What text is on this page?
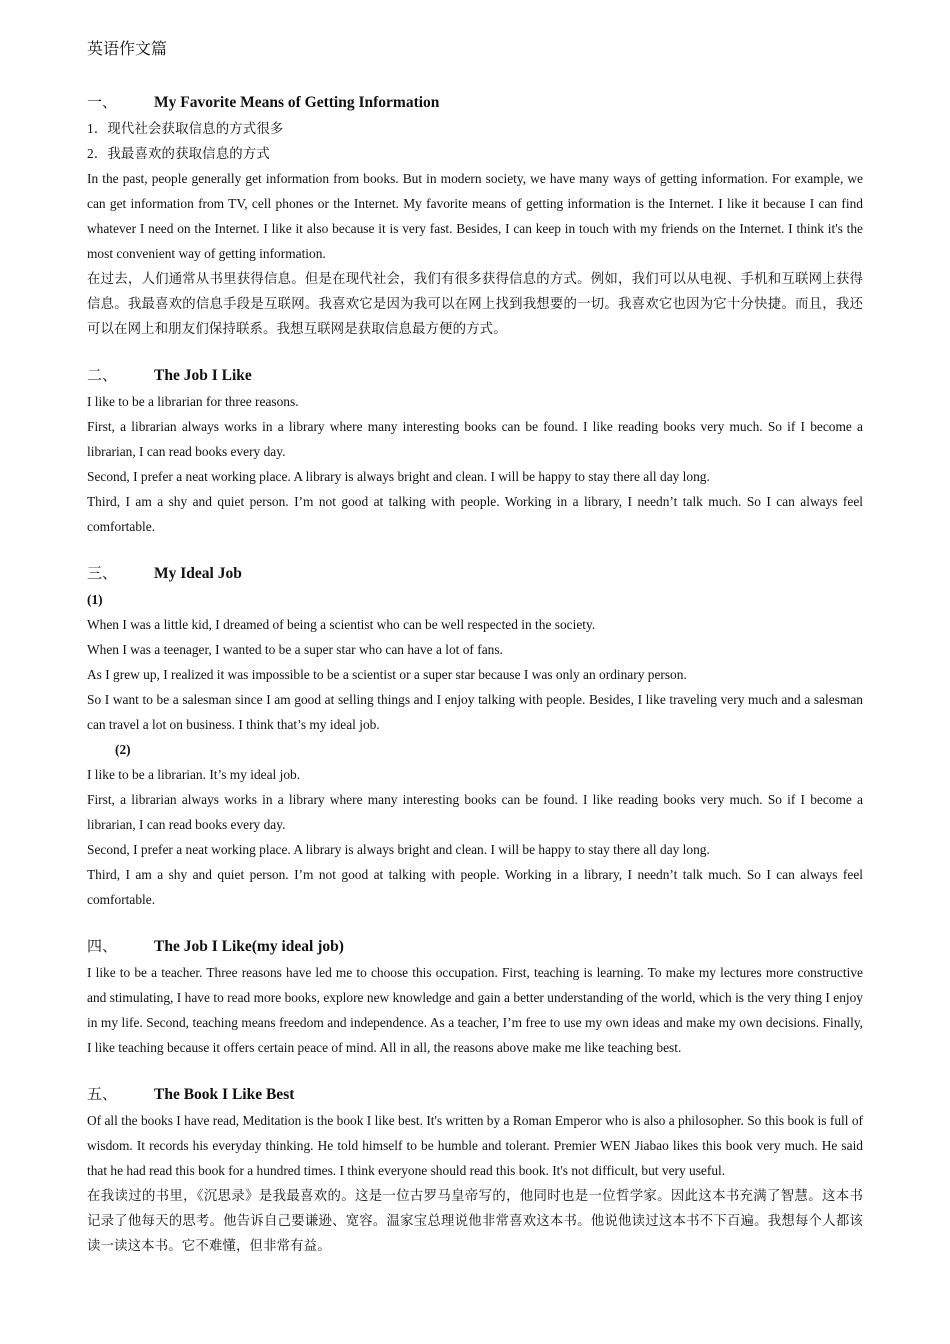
英语作文篇
一、	My Favorite Means of Getting Information

1．现代社会获取信息的方式很多

2．我最喜欢的获取信息的方式

In the past, people generally get information from books. But in modern society, we have many ways of getting information. For example, we can get information from TV, cell phones or the Internet. My favorite means of getting information is the Internet. I like it because I can find whatever I need on the Internet. I like it also because it is very fast. Besides, I can keep in touch with my friends on the Internet. I think it's the most convenient way of getting information.

在过去，人们通常从书里获得信息。但是在现代社会，我们有很多获得信息的方式。例如，我们可以从电视、手机和互联网上获得信息。我最喜欢的信息手段是互联网。我喜欢它是因为我可以在网上找到我想要的一切。我喜欢它也因为它十分快捷。而且，我还可以在网上和朋友们保持联系。我想互联网是获取信息最方便的方式。

二、	The Job I Like

I like to be a librarian for three reasons.

First, a librarian always works in a library where many interesting books can be found. I like reading books very much. So if I become a librarian, I can read books every day.

Second, I prefer a neat working place. A library is always bright and clean. I will be happy to stay there all day long.

Third, I am a shy and quiet person. I’m not good at talking with people. Working in a library, I needn’t talk much. So I can always feel comfortable.

三、	My Ideal Job
(1)

When I was a little kid, I dreamed of being a scientist who can be well respected in the society.

When I was a teenager, I wanted to be a super star who can have a lot of fans.

As I grew up, I realized it was impossible to be a scientist or a super star because I was only an ordinary person.

So I want to be a salesman since I am good at selling things and I enjoy talking with people. Besides, I like traveling very much and a salesman can travel a lot on business. I think that’s my ideal job.

(2)

I like to be a librarian. It’s my ideal job.

First, a librarian always works in a library where many interesting books can be found. I like reading books very much. So if I become a librarian, I can read books every day.

Second, I prefer a neat working place. A library is always bright and clean. I will be happy to stay there all day long.

Third, I am a shy and quiet person. I’m not good at talking with people. Working in a library, I needn’t talk much. So I can always feel comfortable.

四、	The Job I Like(my ideal job)

I like to be a teacher. Three reasons have led me to choose this occupation. First, teaching is learning. To make my lectures more constructive and stimulating, I have to read more books, explore new knowledge and gain a better understanding of the world, which is the very thing I enjoy in my life. Second, teaching means freedom and independence. As a teacher, I’m free to use my own ideas and make my own decisions. Finally, I like teaching because it offers certain peace of mind. All in all, the reasons above make me like teaching best.

五、	The Book I Like Best

Of all the books I have read, Meditation is the book I like best. It's written by a Roman Emperor who is also a philosopher. So this book is full of wisdom. It records his everyday thinking. He told himself to be humble and tolerant. Premier WEN Jiabao likes this book very much. He said that he had read this book for a hundred times. I think everyone should read this book. It's not difficult, but very useful.

在我读过的书里，《沉思录》是我最喜欢的。这是一位古罗马皇帝写的，他同时也是一位哲学家。因此这本书充满了智慧。这本书记录了他每天的思考。他告诉自己要谦逊、宽容。温家宝总理说他非常喜欢这本书。他说他读过这本书不下百遍。我想每个人都该读一读这本书。它不难懂，但非常有益。
